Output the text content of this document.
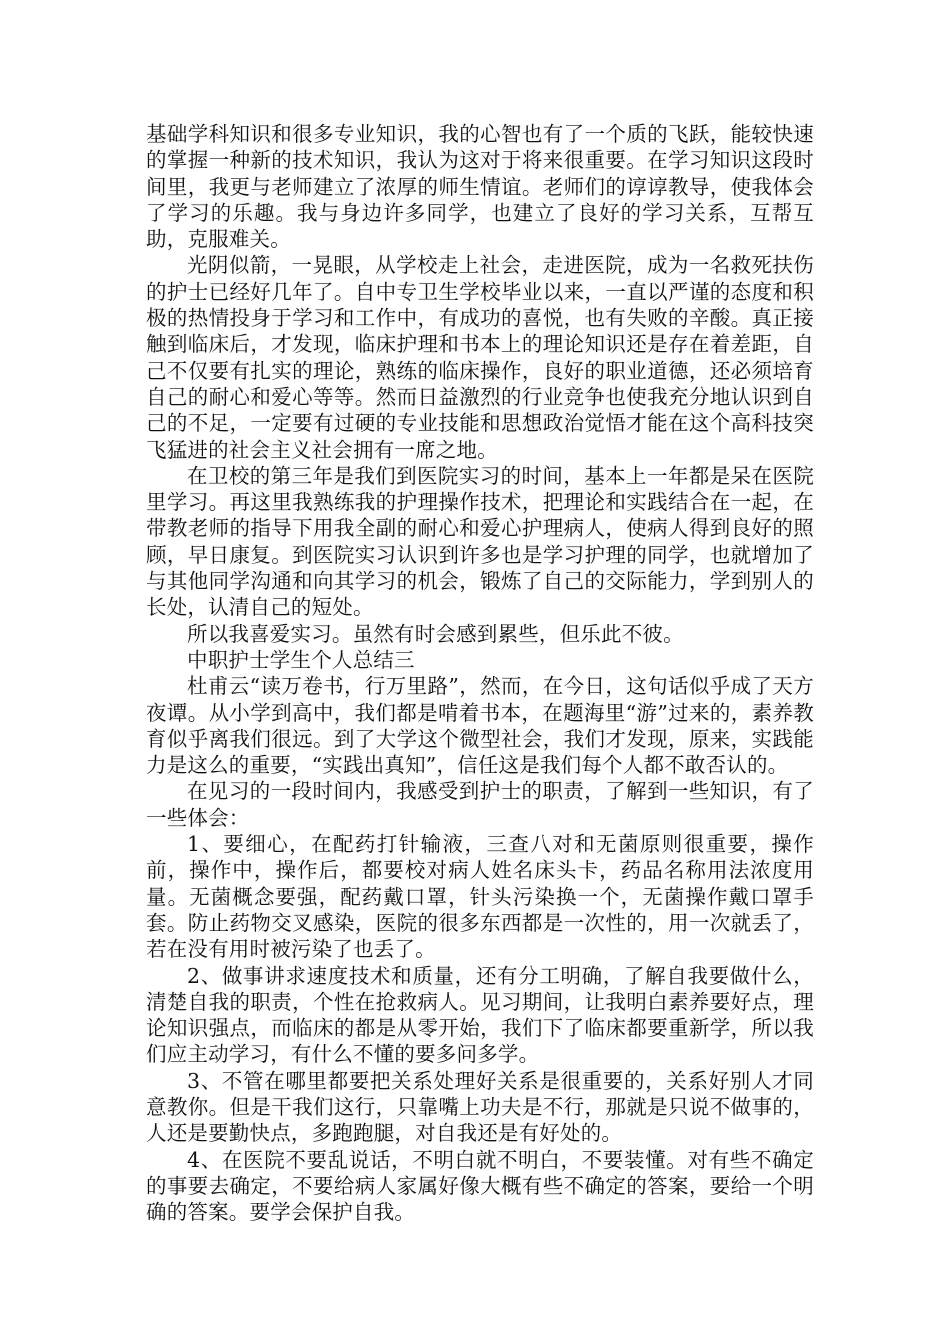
基础学科知识和很多专业知识，我的心智也有了一个质的飞跃，能较快速的掌握一种新的技术知识，我认为这对于将来很重要。在学习知识这段时间里，我更与老师建立了浓厚的师生情谊。老师们的谆谆教导，使我体会了学习的乐趣。我与身边许多同学，也建立了良好的学习关系，互帮互助，克服难关。

光阴似箭，一晃眼，从学校走上社会，走进医院，成为一名救死扶伤的护士已经好几年了。自中专卫生学校毕业以来，一直以严谨的态度和积极的热情投身于学习和工作中，有成功的喜悦，也有失败的辛酸。真正接触到临床后，才发现，临床护理和书本上的理论知识还是存在着差距，自己不仅要有扎实的理论，熟练的临床操作，良好的职业道德，还必须培育自己的耐心和爱心等等。然而日益激烈的行业竞争也使我充分地认识到自己的不足，一定要有过硬的专业技能和思想政治觉悟才能在这个高科技突飞猛进的社会主义社会拥有一席之地。

在卫校的第三年是我们到医院实习的时间，基本上一年都是呆在医院里学习。再这里我熟练我的护理操作技术，把理论和实践结合在一起，在带教老师的指导下用我全副的耐心和爱心护理病人，使病人得到良好的照顾，早日康复。到医院实习认识到许多也是学习护理的同学，也就增加了与其他同学沟通和向其学习的机会，锻炼了自己的交际能力，学到别人的长处，认清自己的短处。

所以我喜爱实习。虽然有时会感到累些，但乐此不彼。

中职护士学生个人总结三

杜甫云“读万卷书，行万里路”，然而，在今日，这句话似乎成了天方夜谭。从小学到高中，我们都是啃着书本，在题海里“游”过来的，素养教育似乎离我们很远。到了大学这个微型社会，我们才发现，原来，实践能力是这么的重要，“实践出真知”，信任这是我们每个人都不敢否认的。

在见习的一段时间内，我感受到护士的职责，了解到一些知识，有了一些体会：

1、要细心，在配药打针输液，三查八对和无菌原则很重要，操作前，操作中，操作后，都要校对病人姓名床头卡，药品名称用法浓度用量。无菌概念要强，配药戴口罩，针头污染换一个，无菌操作戴口罩手套。防止药物交叉感染，医院的很多东西都是一次性的，用一次就丢了，若在没有用时被污染了也丢了。

2、做事讲求速度技术和质量，还有分工明确，了解自我要做什么，清楚自我的职责，个性在抢救病人。见习期间，让我明白素养要好点，理论知识强点，而临床的都是从零开始，我们下了临床都要重新学，所以我们应主动学习，有什么不懂的要多问多学。

3、不管在哪里都要把关系处理好关系是很重要的，关系好别人才同意教你。但是干我们这行，只靠嘴上功夫是不行，那就是只说不做事的，人还是要勤快点，多跑跑腿，对自我还是有好处的。

4、在医院不要乱说话，不明白就不明白，不要装懂。对有些不确定的事要去确定，不要给病人家属好像大概有些不确定的答案，要给一个明确的答案。要学会保护自我。
